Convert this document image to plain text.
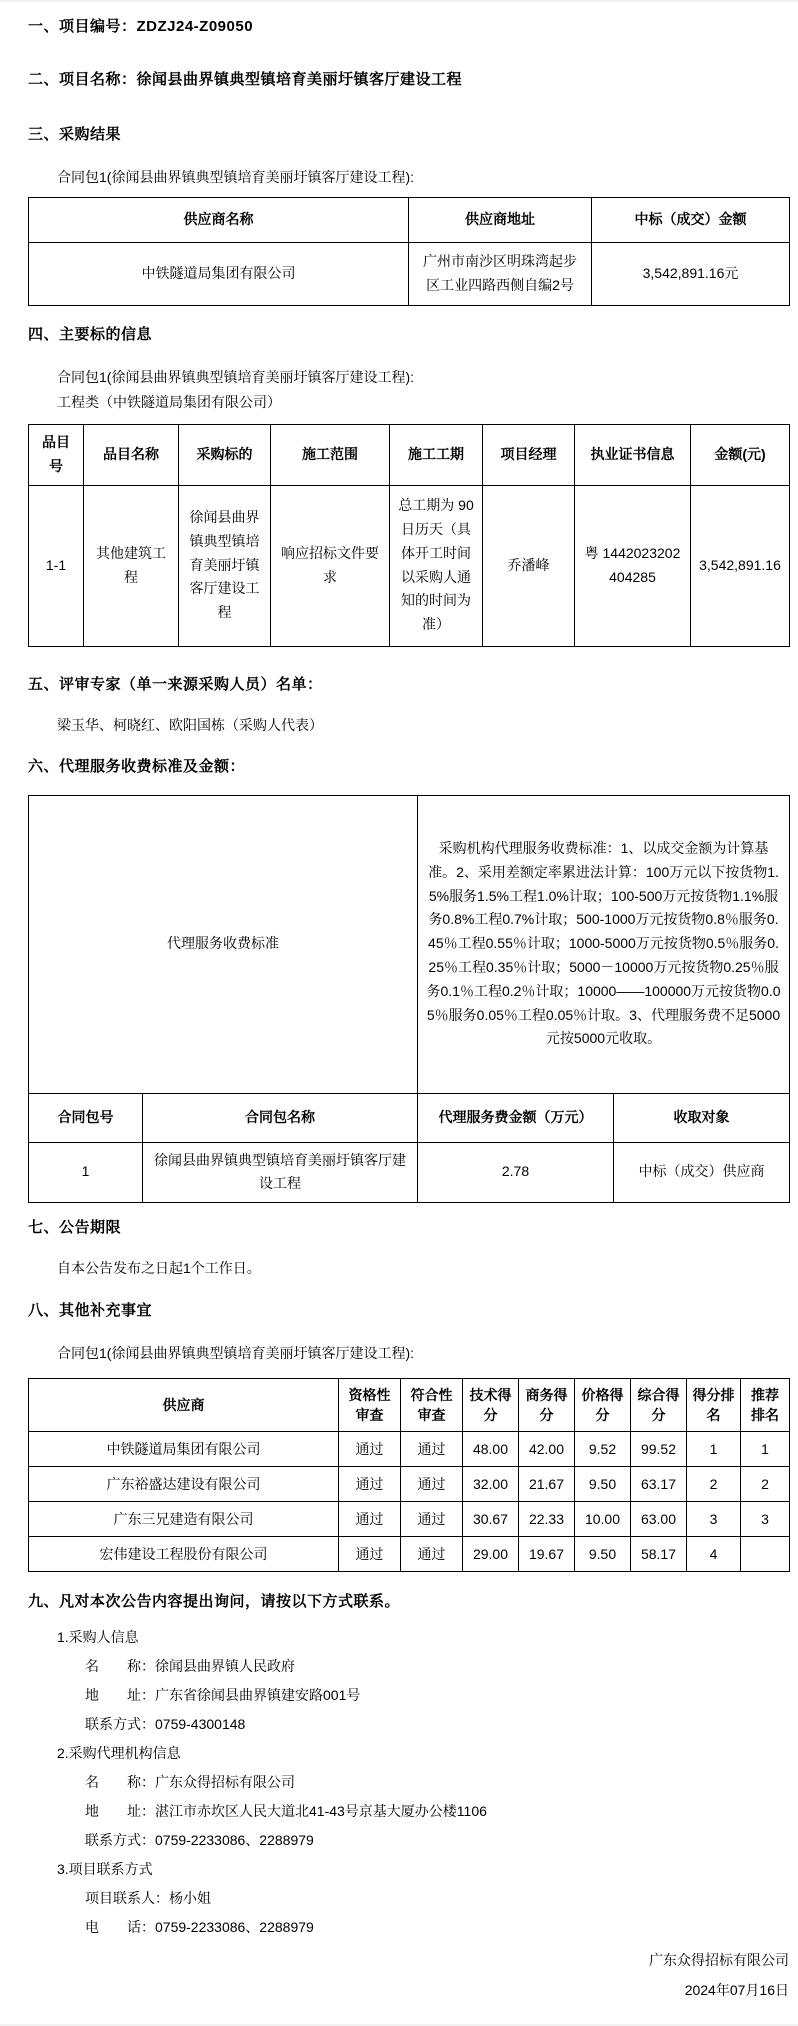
一、项目编号：ZDZJ24-Z09050
二、项目名称：徐闻县曲界镇典型镇培育美丽圩镇客厅建设工程
三、采购结果
合同包1(徐闻县曲界镇典型镇培育美丽圩镇客厅建设工程):
供应商名称	供应商地址	中标（成交）金额
中铁隧道局集团有限公司	广州市南沙区明珠湾起步区工业四路西侧自编2号	3,542,891.16元
四、主要标的信息
合同包1(徐闻县曲界镇典型镇培育美丽圩镇客厅建设工程):
工程类（中铁隧道局集团有限公司）
品目号	品目名称	采购标的	施工范围	施工工期	项目经理	执业证书信息	金额(元)
1-1	其他建筑工程	徐闻县曲界镇典型镇培育美丽圩镇客厅建设工程	响应招标文件要求	总工期为 90 日历天（具 体开工时间 以采购人通知的时间为准）	乔潘峰	粤 1442023202404285	3,542,891.16
五、评审专家（单一来源采购人员）名单：
梁玉华、柯晓红、欧阳国栋（采购人代表）
六、代理服务收费标准及金额：
代理服务收费标准		采购机构代理服务收费标准：1、以成交金额为计算基准。2、采用差额定率累进法计算：100万元以下按货物1.5%服务1.5%工程1.0%计取；100-500万元按货物1.1%服务0.8%工程0.7%计取；500-1000万元按货物0.8％服务0.45％工程0.55％计取；1000-5000万元按货物0.5％服务0.25％工程0.35％计取；5000－10000万元按货物0.25％服务0.1％工程0.2％计取；10000――100000万元按货物0.05％服务0.05％工程0.05％计取。3、代理服务费不足5000元按5000元收取。	
合同包号	合同包名称	代理服务费金额（万元）	收取对象
1	徐闻县曲界镇典型镇培育美丽圩镇客厅建设工程	2.78	中标（成交）供应商
七、公告期限
自本公告发布之日起1个工作日。
八、其他补充事宜
合同包1(徐闻县曲界镇典型镇培育美丽圩镇客厅建设工程):
供应商	资格性审查	符合性审查	技术得分	商务得分	价格得分	综合得分	得分排名	推荐排名
中铁隧道局集团有限公司	通过	通过	48.00	42.00	9.52	99.52	1	1
广东裕盛达建设有限公司	通过	通过	32.00	21.67	9.50	63.17	2	2
广东三兄建造有限公司	通过	通过	30.67	22.33	10.00	63.00	3	3
宏伟建设工程股份有限公司	通过	通过	29.00	19.67	9.50	58.17	4	
九、凡对本次公告内容提出询问，请按以下方式联系。
1.采购人信息
名　　称：徐闻县曲界镇人民政府
地　　址：广东省徐闻县曲界镇建安路001号
联系方式：0759-4300148
2.采购代理机构信息
名　　称：广东众得招标有限公司
地　　址：湛江市赤坎区人民大道北41-43号京基大厦办公楼1106
联系方式：0759-2233086、2288979
3.项目联系方式
项目联系人：杨小姐
电　　话：0759-2233086、2288979
广东众得招标有限公司
2024年07月16日
